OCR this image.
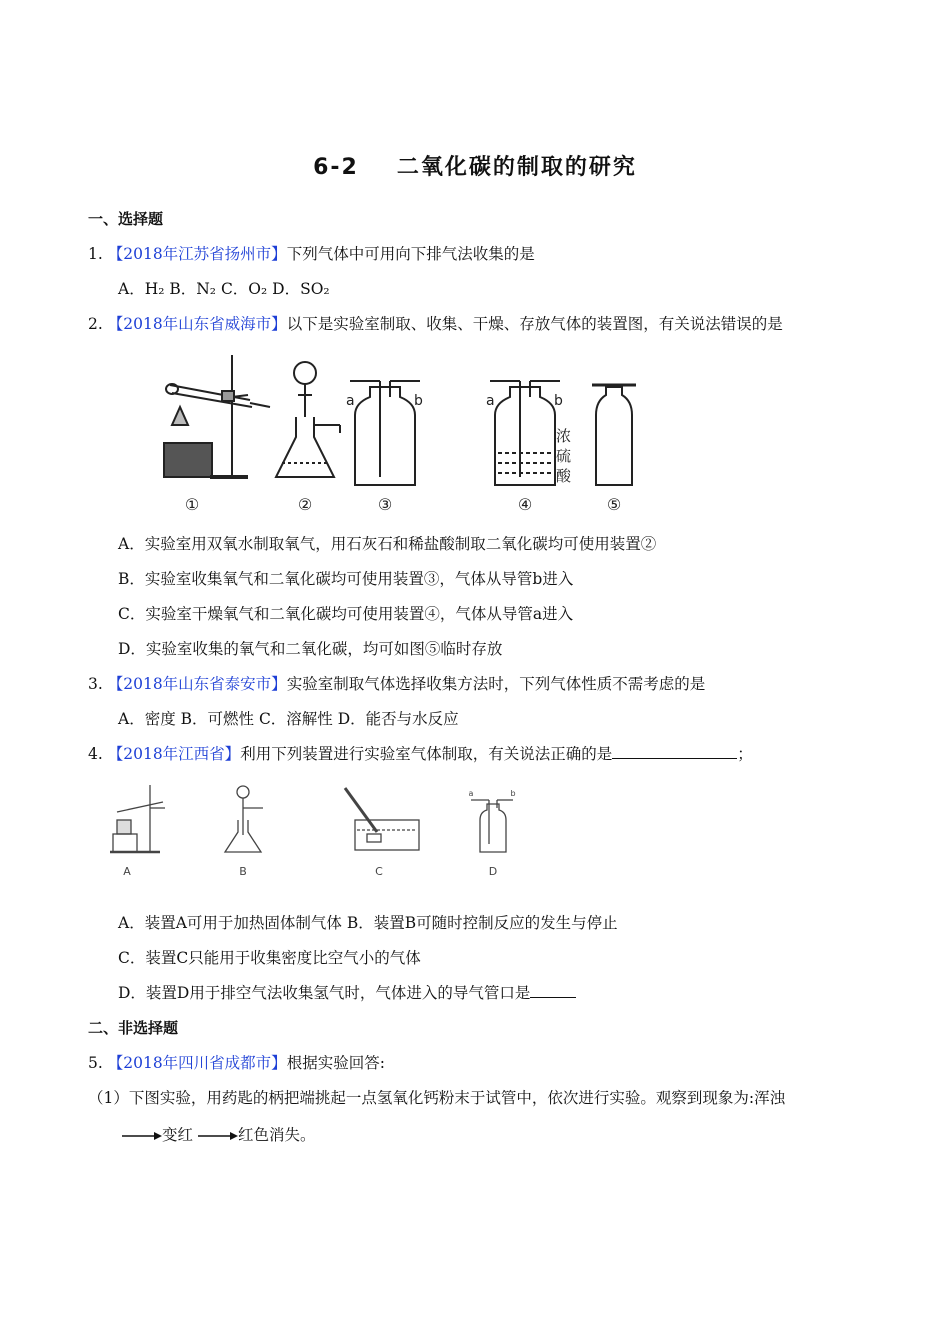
6-2 二氧化碳的制取的研究
一、选择题
1. 【2018年江苏省扬州市】下列气体中可用向下排气法收集的是
A．H₂ B．N₂ C．O₂ D．SO₂
2. 【2018年山东省威海市】以下是实验室制取、收集、干燥、存放气体的装置图，有关说法错误的是
a	b	a	b
浓
硫
酸
①	②	③	④	⑤
A．实验室用双氧水制取氧气，用石灰石和稀盐酸制取二氧化碳均可使用装置②
B．实验室收集氧气和二氧化碳均可使用装置③，气体从导管b进入
C．实验室干燥氧气和二氧化碳均可使用装置④，气体从导管a进入
D．实验室收集的氧气和二氧化碳，均可如图⑤临时存放
3. 【2018年山东省泰安市】实验室制取气体选择收集方法时，下列气体性质不需考虑的是
A．密度 B．可燃性 C．溶解性 D．能否与水反应
4. 【2018年江西省】利用下列装置进行实验室气体制取，有关说法正确的是	；
a	b
A	B	C	D
A．装置A可用于加热固体制气体 B．装置B可随时控制反应的发生与停止
C．装置C只能用于收集密度比空气小的气体
D．装置D用于排空气法收集氢气时，气体进入的导气管口是
二、非选择题
5. 【2018年四川省成都市】根据实验回答:
（1）下图实验，用药匙的柄把端挑起一点氢氧化钙粉末于试管中，依次进行实验。观察到现象为:浑浊
变红	红色消失。
